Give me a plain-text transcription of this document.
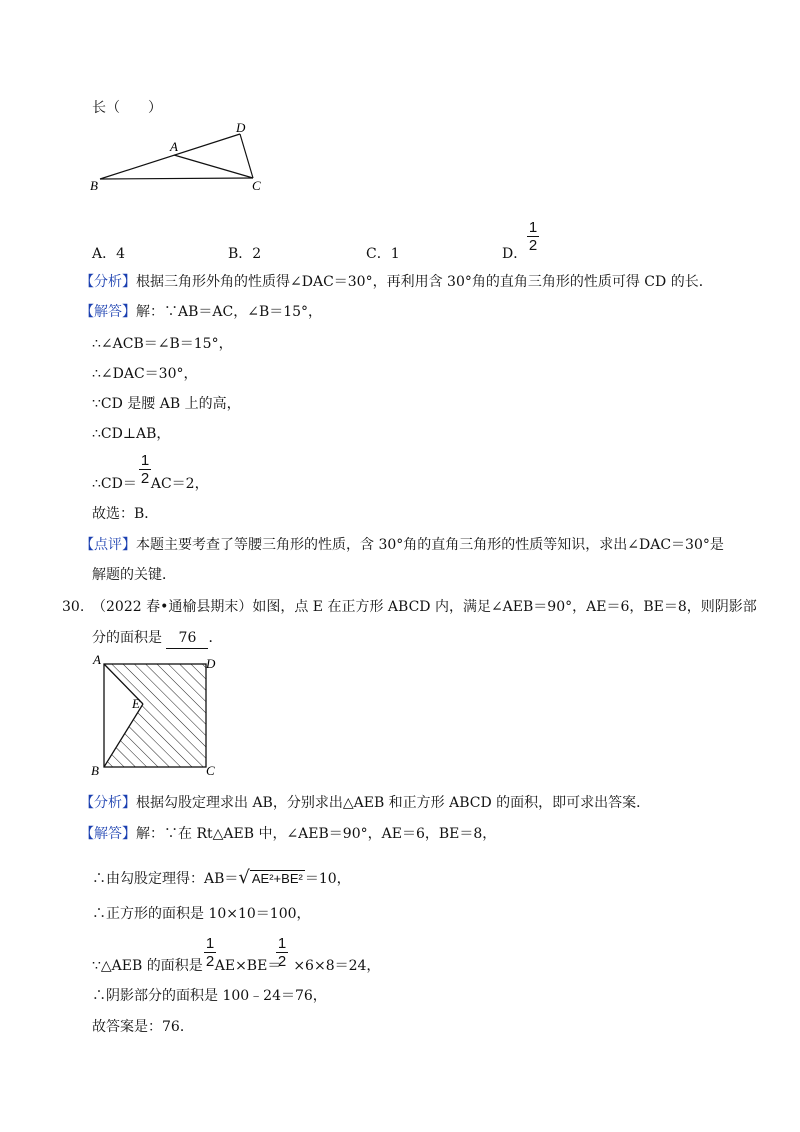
长（　　）
D
A
B	C
A．4	B．2	C．1	D．
1
2
【分析】根据三角形外角的性质得∠DAC＝30°，再利用含 30°角的直角三角形的性质可得 CD 的长．
【解答】解：∵AB＝AC，∠B＝15°，
∴∠ACB＝∠B＝15°，
∴∠DAC＝30°，
∵CD 是腰 AB 上的高，
∴CD⊥AB，
∴CD＝ AC＝2，
1
2
故选：B．
【点评】本题主要考查了等腰三角形的性质，含 30°角的直角三角形的性质等知识，求出∠DAC＝30°是
解题的关键．
30. （2022 春•通榆县期末）如图，点 E 在正方形 ABCD 内，满足∠AEB＝90°，AE＝6，BE＝8，则阴影部
分的面积是 76 ．
A	D
E
B	C
【分析】根据勾股定理求出 AB，分别求出△AEB 和正方形 ABCD 的面积，即可求出答案．
【解答】解：∵在 Rt△AEB 中，∠AEB＝90°，AE＝6，BE＝8，
∴由勾股定理得：AB＝√ AE²+BE² ＝10，
∴正方形的面积是 10×10＝100，
∵△AEB 的面积是 AE×BE＝ ×6×8＝24，
1
2
1
2
∴阴影部分的面积是 100﹣24＝76，
故答案是：76．
